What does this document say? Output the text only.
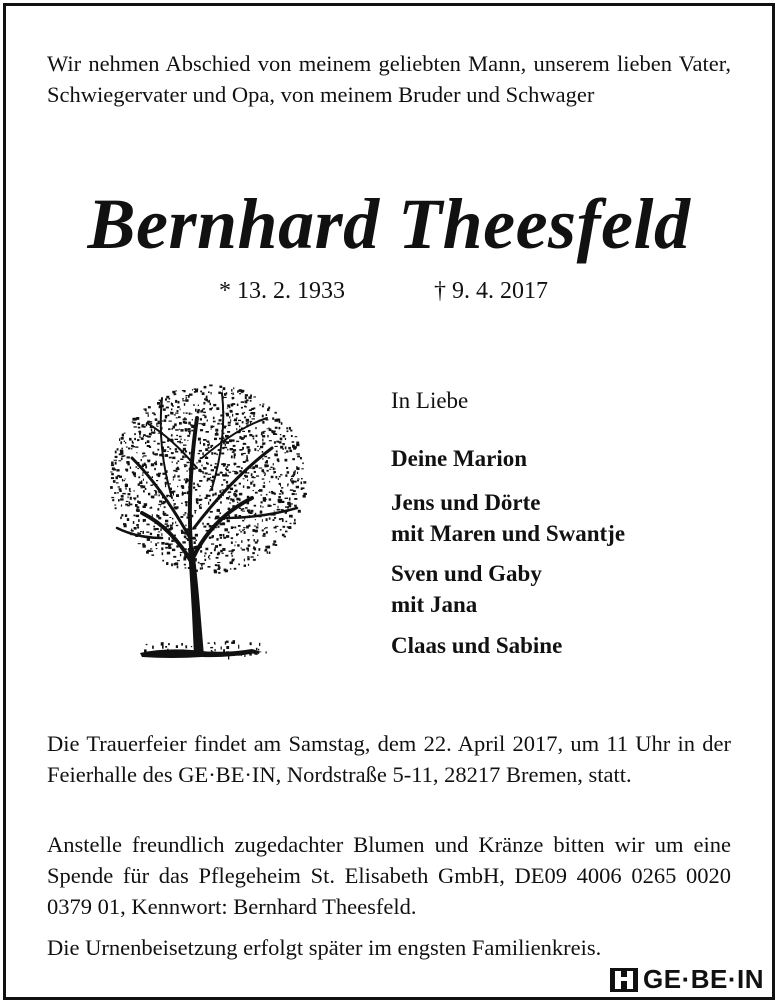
Wir nehmen Abschied von meinem geliebten Mann, unserem lieben Vater, Schwiegervater und Opa, von meinem Bruder und Schwager
Bernhard Theesfeld
* 13. 2. 1933	† 9. 4. 2017
In Liebe
Deine Marion
Jens und Dörte
mit Maren und Swantje
Sven und Gaby
mit Jana
Claas und Sabine
Die Trauerfeier findet am Samstag, dem 22. April 2017, um 11 Uhr in der Feierhalle des GE·BE·IN, Nordstraße 5-11, 28217 Bremen, statt.
Anstelle freundlich zugedachter Blumen und Kränze bitten wir um eine Spende für das Pflegeheim St. Elisabeth GmbH, DE09 4006 0265 0020 0379 01, Kennwort: Bernhard Theesfeld.
Die Urnenbeisetzung erfolgt später im engsten Familienkreis.
GE·BE·IN
